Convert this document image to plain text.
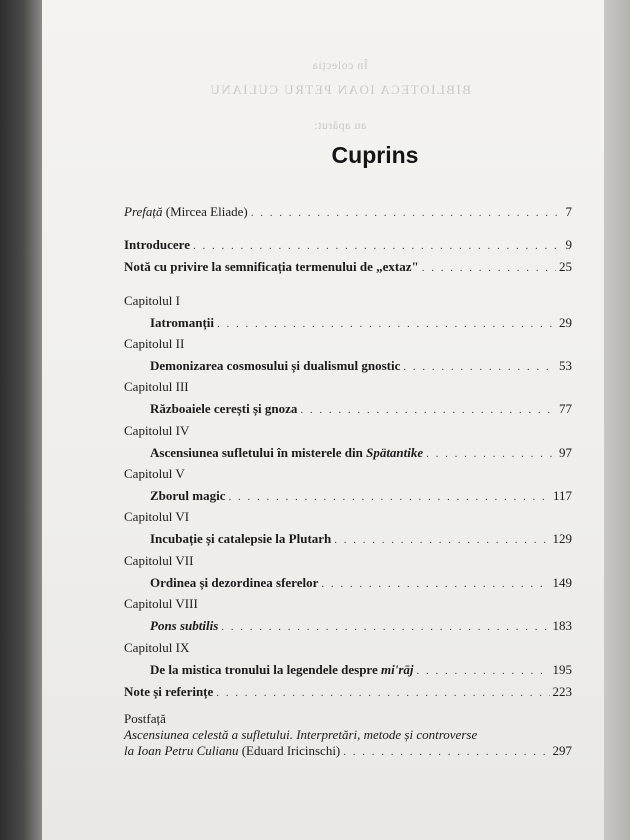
În colecția
BIBLIOTECA IOAN PETRU CULIANU
au apărut:
Cuprins
Prefață (Mircea Eliade) . . .	7
Introducere . . .	9
Notă cu privire la semnificația termenului de „extaz" . . .	25
Capitolul I
Iatromanții . . .	29
Capitolul II
Demonizarea cosmosului și dualismul gnostic . . .	53
Capitolul III
Războaiele cerești și gnoza . . .	77
Capitolul IV
Ascensiunea sufletului în misterele din Spätantike . . .	97
Capitolul V
Zborul magic . . .	117
Capitolul VI
Incubație și catalepsie la Plutarh . . .	129
Capitolul VII
Ordinea și dezordinea sferelor . . .	149
Capitolul VIII
Pons subtilis . . .	183
Capitolul IX
De la mistica tronului la legendele despre mi'rāj . . .	195
Note și referințe . . .	223
Postfață
Ascensiunea celestă a sufletului. Interpretări, metode și controverse
la Ioan Petru Culianu (Eduard Iricinschi) . . .	297
